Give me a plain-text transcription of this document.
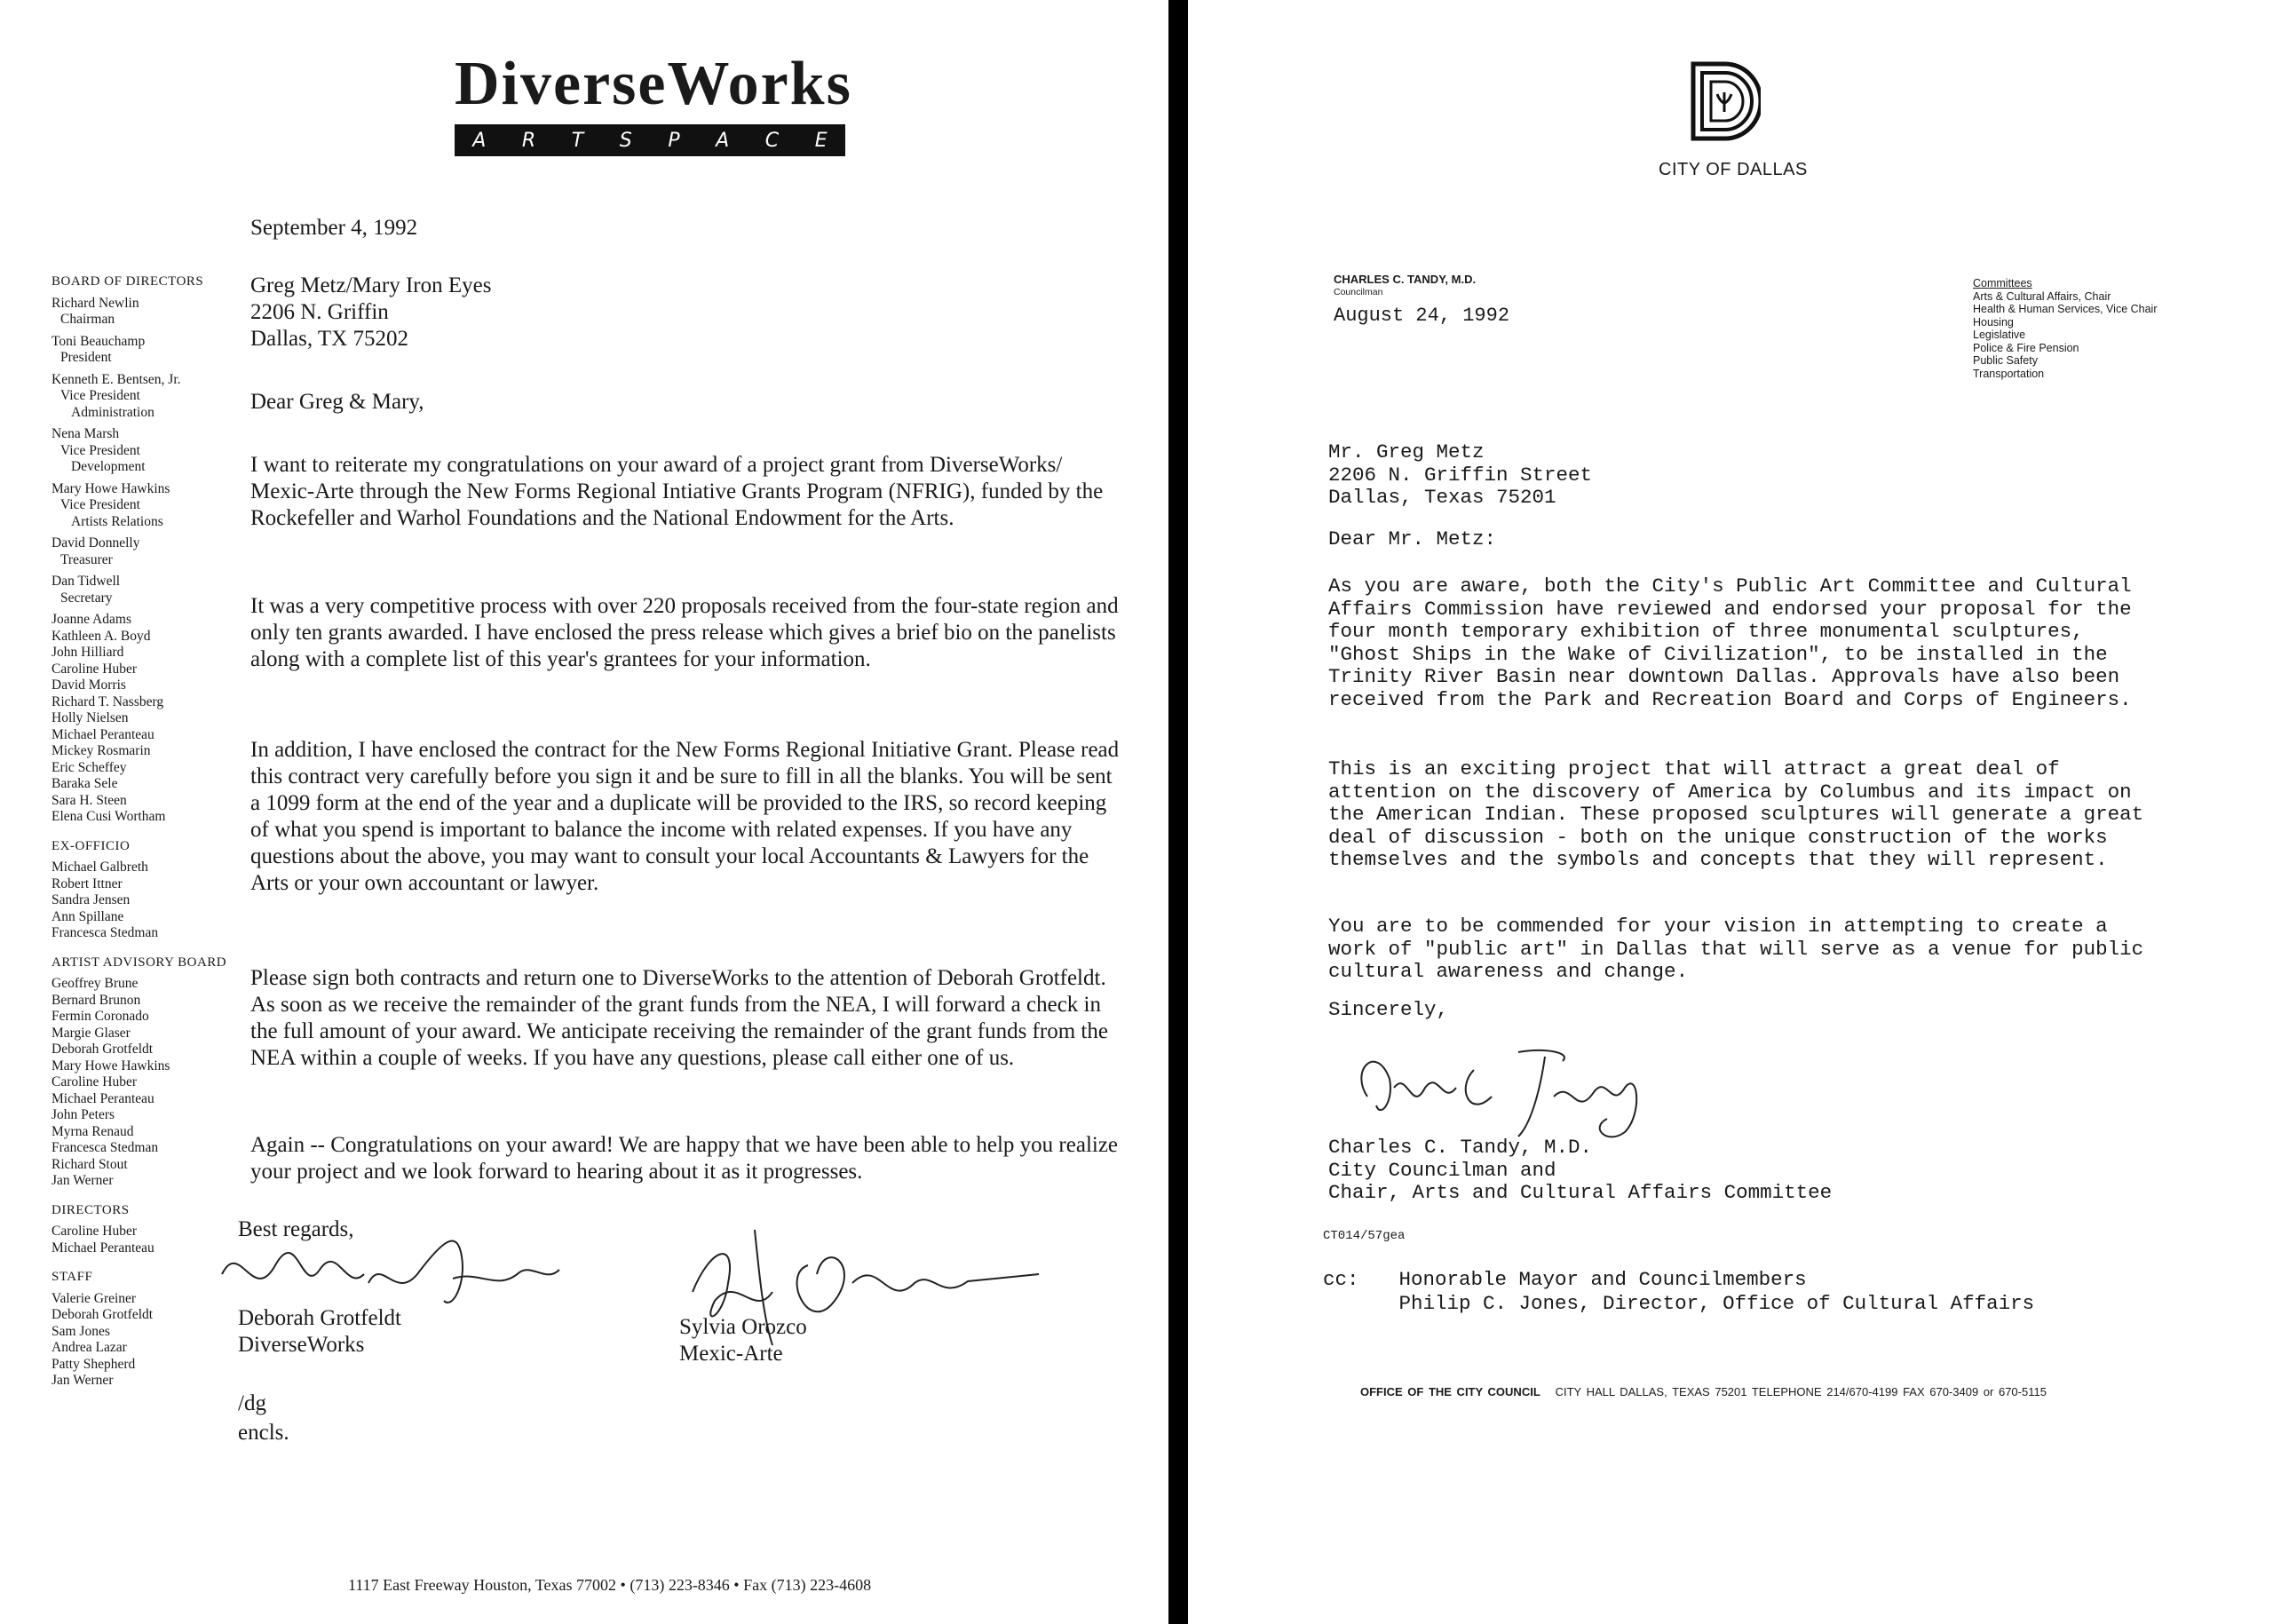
DiverseWorks
A R T S P A C E
BOARD OF DIRECTORS
Richard Newlin
Chairman
Toni Beauchamp
President
Kenneth E. Bentsen, Jr.
Vice President
Administration
Nena Marsh
Vice President
Development
Mary Howe Hawkins
Vice President
Artists Relations
David Donnelly
Treasurer
Dan Tidwell
Secretary
Joanne Adams
Kathleen A. Boyd
John Hilliard
Caroline Huber
David Morris
Richard T. Nassberg
Holly Nielsen
Michael Peranteau
Mickey Rosmarin
Eric Scheffey
Baraka Sele
Sara H. Steen
Elena Cusi Wortham
EX-OFFICIO
Michael Galbreth
Robert Ittner
Sandra Jensen
Ann Spillane
Francesca Stedman
ARTIST ADVISORY BOARD
Geoffrey Brune
Bernard Brunon
Fermin Coronado
Margie Glaser
Deborah Grotfeldt
Mary Howe Hawkins
Caroline Huber
Michael Peranteau
John Peters
Myrna Renaud
Francesca Stedman
Richard Stout
Jan Werner
DIRECTORS
Caroline Huber
Michael Peranteau
STAFF
Valerie Greiner
Deborah Grotfeldt
Sam Jones
Andrea Lazar
Patty Shepherd
Jan Werner
September 4, 1992
Greg Metz/Mary Iron Eyes
2206 N. Griffin
Dallas, TX 75202
Dear Greg & Mary,
I want to reiterate my congratulations on your award of a project grant from DiverseWorks/ Mexic-Arte through the New Forms Regional Intiative Grants Program (NFRIG), funded by the Rockefeller and Warhol Foundations and the National Endowment for the Arts.
It was a very competitive process with over 220 proposals received from the four-state region and only ten grants awarded. I have enclosed the press release which gives a brief bio on the panelists along with a complete list of this year's grantees for your information.
In addition, I have enclosed the contract for the New Forms Regional Initiative Grant. Please read this contract very carefully before you sign it and be sure to fill in all the blanks. You will be sent a 1099 form at the end of the year and a duplicate will be provided to the IRS, so record keeping of what you spend is important to balance the income with related expenses. If you have any questions about the above, you may want to consult your local Accountants & Lawyers for the Arts or your own accountant or lawyer.
Please sign both contracts and return one to DiverseWorks to the attention of Deborah Grotfeldt. As soon as we receive the remainder of the grant funds from the NEA, I will forward a check in the full amount of your award. We anticipate receiving the remainder of the grant funds from the NEA within a couple of weeks. If you have any questions, please call either one of us.
Again -- Congratulations on your award! We are happy that we have been able to help you realize your project and we look forward to hearing about it as it progresses.
Best regards,
Deborah Grotfeldt
DiverseWorks
Sylvia Orozco
Mexic-Arte
/dg
encls.
1117 East Freeway Houston, Texas 77002 • (713) 223-8346 • Fax (713) 223-4608
CITY OF DALLAS
CHARLES C. TANDY, M.D.
Councilman
August 24, 1992
Committees
Arts & Cultural Affairs, Chair
Health & Human Services, Vice Chair
Housing
Legislative
Police & Fire Pension
Public Safety
Transportation
Mr. Greg Metz
2206 N. Griffin Street
Dallas, Texas 75201
Dear Mr. Metz:
As you are aware, both the City's Public Art Committee and Cultural Affairs Commission have reviewed and endorsed your proposal for the four month temporary exhibition of three monumental sculptures, "Ghost Ships in the Wake of Civilization", to be installed in the Trinity River Basin near downtown Dallas. Approvals have also been received from the Park and Recreation Board and Corps of Engineers.
This is an exciting project that will attract a great deal of attention on the discovery of America by Columbus and its impact on the American Indian. These proposed sculptures will generate a great deal of discussion - both on the unique construction of the works themselves and the symbols and concepts that they will represent.
You are to be commended for your vision in attempting to create a work of "public art" in Dallas that will serve as a venue for public cultural awareness and change.
Sincerely,
Charles C. Tandy, M.D.
City Councilman and
Chair, Arts and Cultural Affairs Committee
CT014/57gea
cc: Honorable Mayor and Councilmembers
Philip C. Jones, Director, Office of Cultural Affairs
OFFICE OF THE CITY COUNCIL CITY HALL DALLAS, TEXAS 75201 TELEPHONE 214/670-4199 FAX 670-3409 or 670-5115
